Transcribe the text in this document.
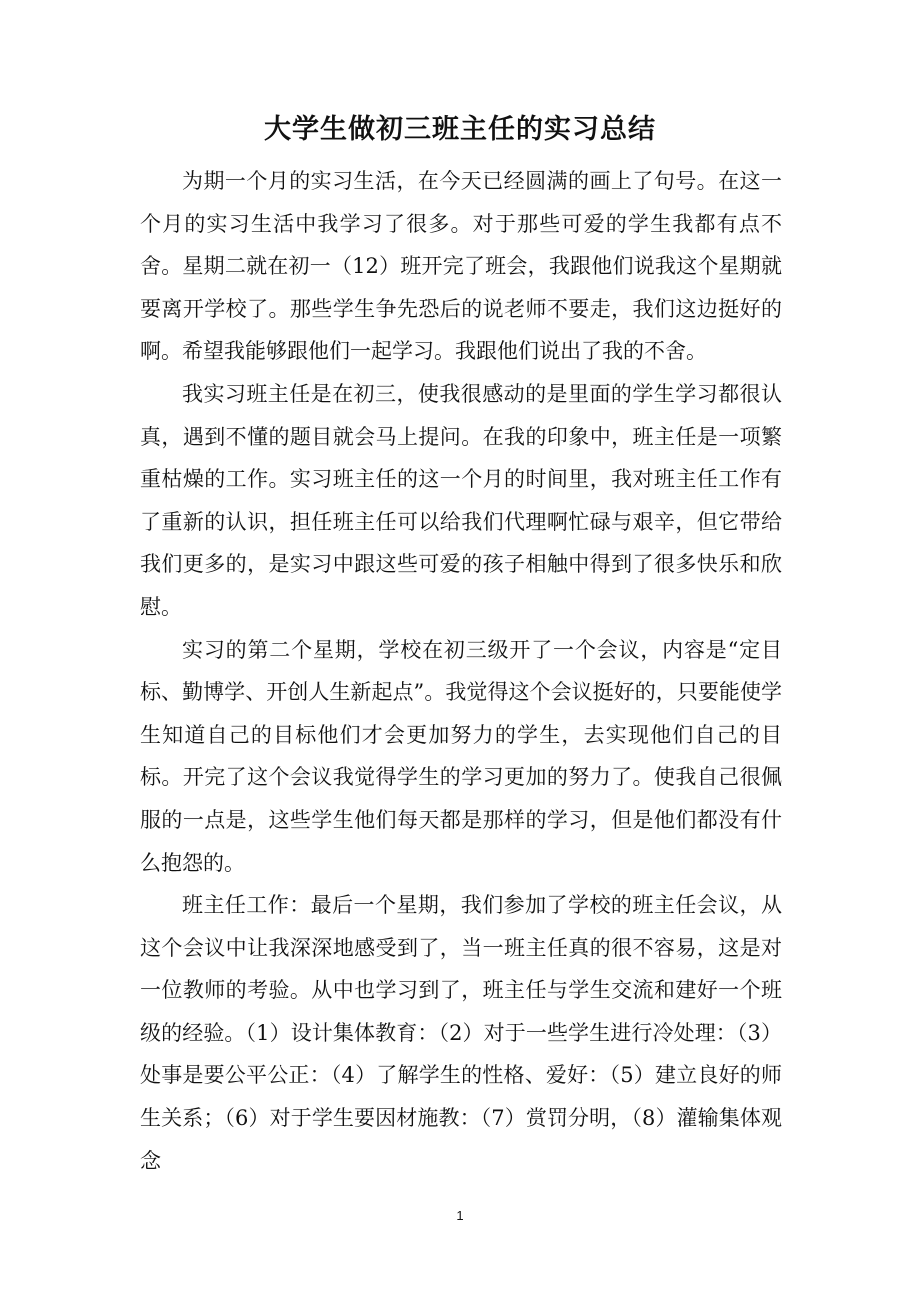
大学生做初三班主任的实习总结

为期一个月的实习生活，在今天已经圆满的画上了句号。在这一个月的实习生活中我学习了很多。对于那些可爱的学生我都有点不舍。星期二就在初一（12）班开完了班会，我跟他们说我这个星期就要离开学校了。那些学生争先恐后的说老师不要走，我们这边挺好的啊。希望我能够跟他们一起学习。我跟他们说出了我的不舍。

我实习班主任是在初三，使我很感动的是里面的学生学习都很认真，遇到不懂的题目就会马上提问。在我的印象中，班主任是一项繁重枯燥的工作。实习班主任的这一个月的时间里，我对班主任工作有了重新的认识，担任班主任可以给我们代理啊忙碌与艰辛，但它带给我们更多的，是实习中跟这些可爱的孩子相触中得到了很多快乐和欣慰。

实习的第二个星期，学校在初三级开了一个会议，内容是“定目标、勤博学、开创人生新起点”。我觉得这个会议挺好的，只要能使学生知道自己的目标他们才会更加努力的学生，去实现他们自己的目标。开完了这个会议我觉得学生的学习更加的努力了。使我自己很佩服的一点是，这些学生他们每天都是那样的学习，但是他们都没有什么抱怨的。

班主任工作：最后一个星期，我们参加了学校的班主任会议，从这个会议中让我深深地感受到了，当一班主任真的很不容易，这是对一位教师的考验。从中也学习到了，班主任与学生交流和建好一个班级的经验。（1）设计集体教育：（2）对于一些学生进行冷处理：（3）处事是要公平公正：（4）了解学生的性格、爱好：（5）建立良好的师生关系；（6）对于学生要因材施教：（7）赏罚分明，（8）灌输集体观念

1
